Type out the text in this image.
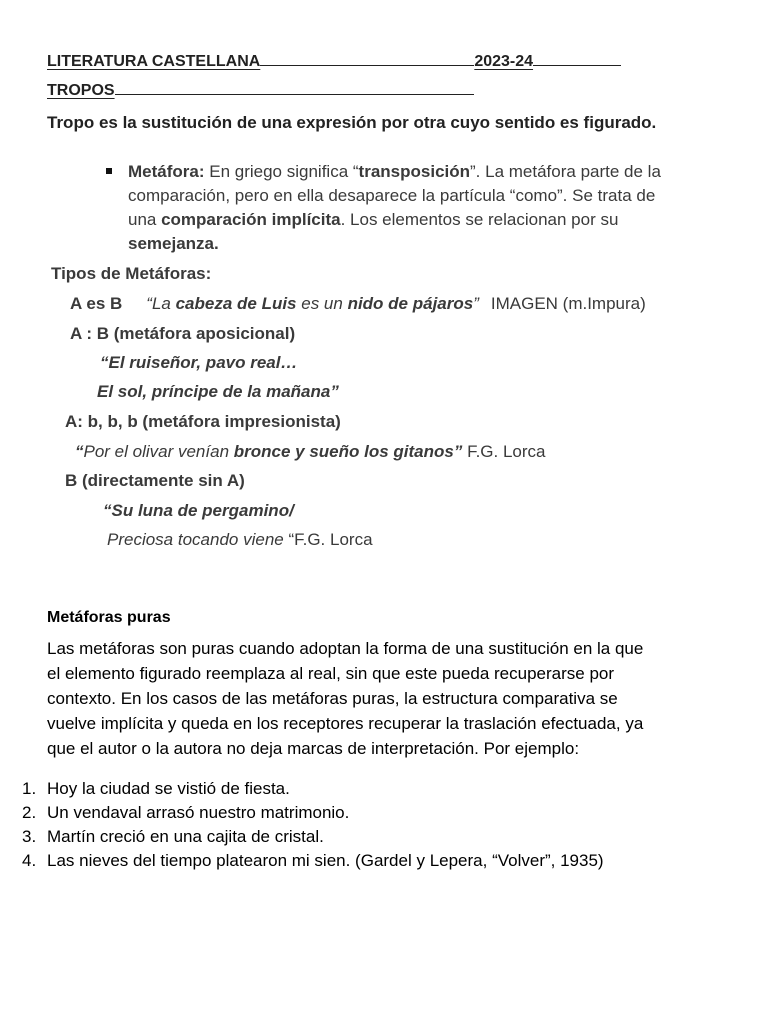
LITERATURA CASTELLANA	2023-24
TROPOS
Tropo es la sustitución de una expresión por otra cuyo sentido es figurado.
Metáfora: En griego significa “transposición”. La metáfora parte de la
comparación, pero en ella desaparece la partícula “como”. Se trata de
una comparación implícita. Los elementos se relacionan por su
semejanza.
Tipos de Metáforas:
A es B “La cabeza de Luis es un nido de pájaros” IMAGEN (m.Impura)
A : B (metáfora aposicional)
“El ruiseñor, pavo real…
El sol, príncipe de la mañana”
A: b, b, b (metáfora impresionista)
“Por el olivar venían bronce y sueño los gitanos” F.G. Lorca
B (directamente sin A)
“Su luna de pergamino/
Preciosa tocando viene “F.G. Lorca
Metáforas puras
Las metáforas son puras cuando adoptan la forma de una sustitución en la que
el elemento figurado reemplaza al real, sin que este pueda recuperarse por
contexto. En los casos de las metáforas puras, la estructura comparativa se
vuelve implícita y queda en los receptores recuperar la traslación efectuada, ya
que el autor o la autora no deja marcas de interpretación. Por ejemplo:
1. Hoy la ciudad se vistió de fiesta.
2. Un vendaval arrasó nuestro matrimonio.
3. Martín creció en una cajita de cristal.
4. Las nieves del tiempo platearon mi sien. (Gardel y Lepera, “Volver”, 1935)
